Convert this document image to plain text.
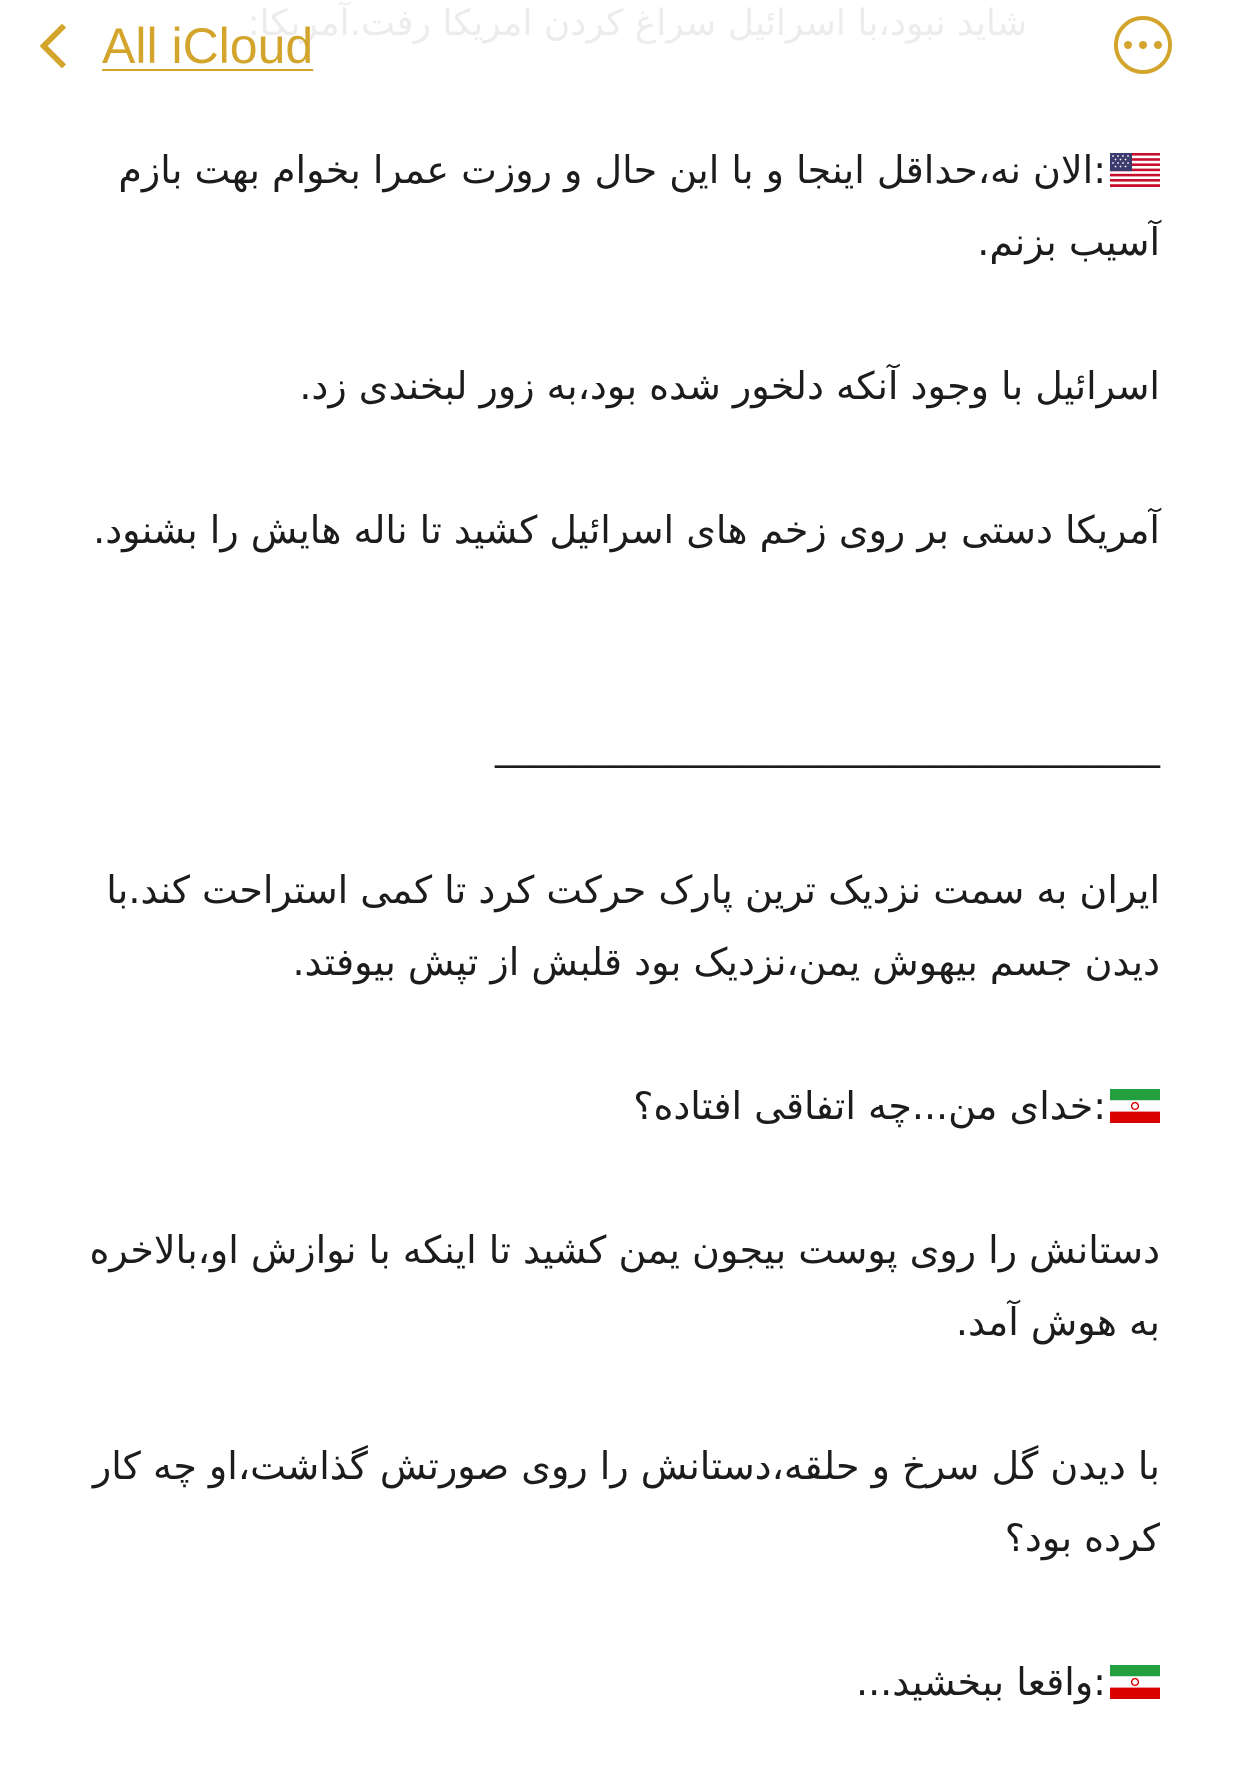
شاید نبود،با اسرائیل سراغ کردن امریکا رفت.آمریکا:
All iCloud

:الان نه،حداقل اینجا و با این حال و روزت عمرا بخوام بهت بازم آسیب بزنم.

اسرائیل با وجود آنکه دلخور شده بود،به زور لبخندی زد.

آمریکا دستی بر روی زخم های اسرائیل کشید تا ناله هایش را بشنود.

___________________________________

ایران به سمت نزدیک ترین پارک حرکت کرد تا کمی استراحت کند.با دیدن جسم بیهوش یمن،نزدیک بود قلبش از تپش بیوفتد.

:خدای من...چه اتفاقی افتاده؟

دستانش را روی پوست بیجون یمن کشید تا اینکه با نوازش او،بالاخره به هوش آمد.

با دیدن گل سرخ و حلقه،دستانش را روی صورتش گذاشت،او چه کار کرده بود؟

:واقعا ببخشید...
